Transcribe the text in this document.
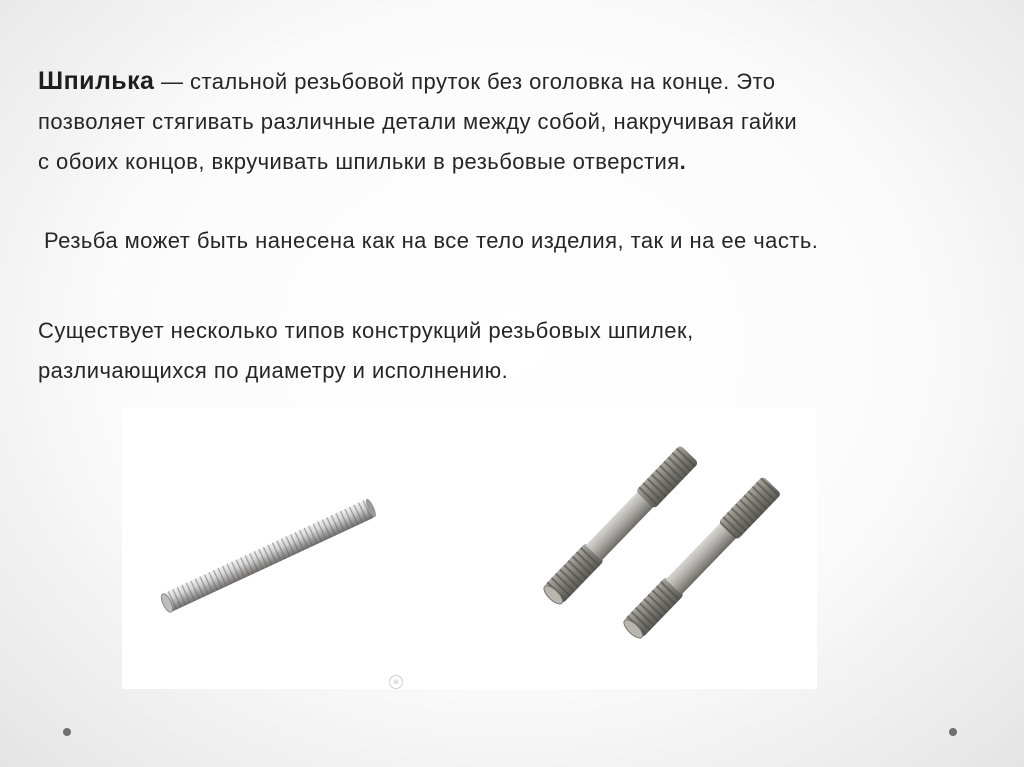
Шпилька — стальной резьбовой пруток без оголовка на конце. Это
позволяет стягивать различные детали между собой, накручивая гайки
с обоих концов, вкручивать шпильки в резьбовые отверстия.
Резьба может быть нанесена как на все тело изделия, так и на ее часть.
Существует несколько типов конструкций резьбовых шпилек,
различающихся по диаметру и исполнению.
⊗
